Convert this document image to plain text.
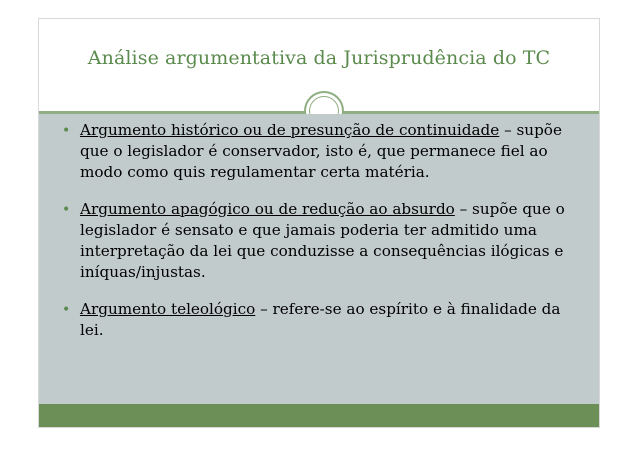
Análise argumentativa da Jurisprudência do TC
• Argumento histórico ou de presunção de continuidade – supõe que o legislador é conservador, isto é, que permanece fiel ao modo como quis regulamentar certa matéria.
• Argumento apagógico ou de redução ao absurdo – supõe que o legislador é sensato e que jamais poderia ter admitido uma interpretação da lei que conduzisse a consequências ilógicas e iníquas/injustas.
• Argumento teleológico – refere-se ao espírito e à finalidade da lei.
